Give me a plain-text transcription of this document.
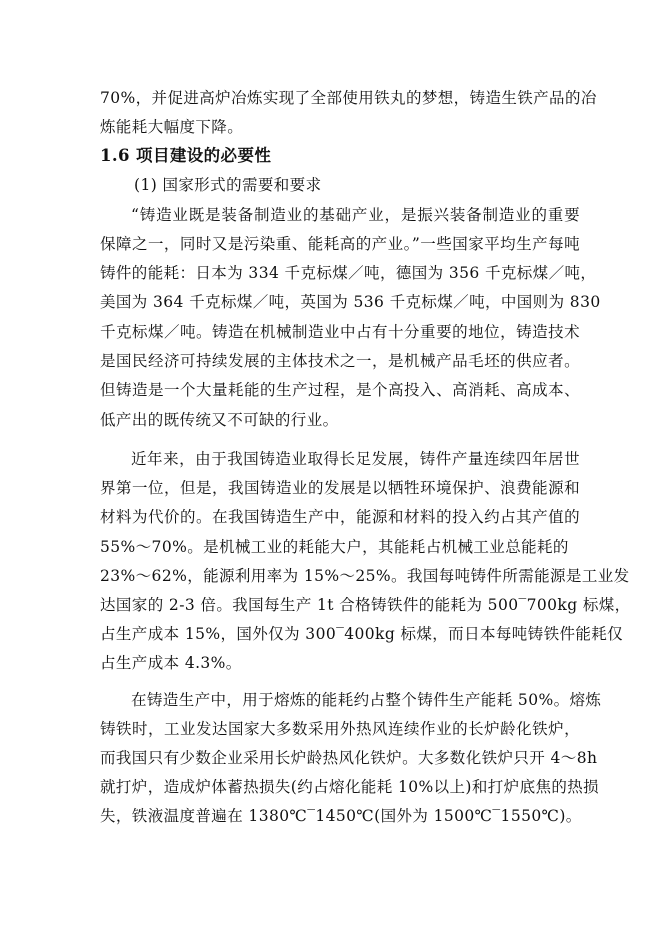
70%，并促进高炉冶炼实现了全部使用铁丸的梦想，铸造生铁产品的冶
炼能耗大幅度下降。
1.6 项目建设的必要性
(1) 国家形式的需要和要求
“铸造业既是装备制造业的基础产业，是振兴装备制造业的重要
保障之一，同时又是污染重、能耗高的产业。”一些国家平均生产每吨
铸件的能耗：日本为 334 千克标煤／吨，德国为 356 千克标煤／吨，
美国为 364 千克标煤／吨，英国为 536 千克标煤／吨，中国则为 830
千克标煤／吨。铸造在机械制造业中占有十分重要的地位，铸造技术
是国民经济可持续发展的主体技术之一，是机械产品毛坯的供应者。
但铸造是一个大量耗能的生产过程，是个高投入、高消耗、高成本、
低产出的既传统又不可缺的行业。
近年来，由于我国铸造业取得长足发展，铸件产量连续四年居世
界第一位，但是，我国铸造业的发展是以牺牲环境保护、浪费能源和
材料为代价的。在我国铸造生产中，能源和材料的投入约占其产值的
55%～70%。是机械工业的耗能大户，其能耗占机械工业总能耗的
23%～62%，能源利用率为 15%～25%。我国每吨铸件所需能源是工业发
达国家的 2-3 倍。我国每生产 1t 合格铸铁件的能耗为 500‾700kg 标煤，
占生产成本 15%，国外仅为 300‾400kg 标煤，而日本每吨铸铁件能耗仅
占生产成本 4.3%。
在铸造生产中，用于熔炼的能耗约占整个铸件生产能耗 50%。熔炼
铸铁时，工业发达国家大多数采用外热风连续作业的长炉龄化铁炉，
而我国只有少数企业采用长炉龄热风化铁炉。大多数化铁炉只开 4～8h
就打炉，造成炉体蓄热损失(约占熔化能耗 10%以上)和打炉底焦的热损
失，铁液温度普遍在 1380℃‾1450℃(国外为 1500℃‾1550℃)。
